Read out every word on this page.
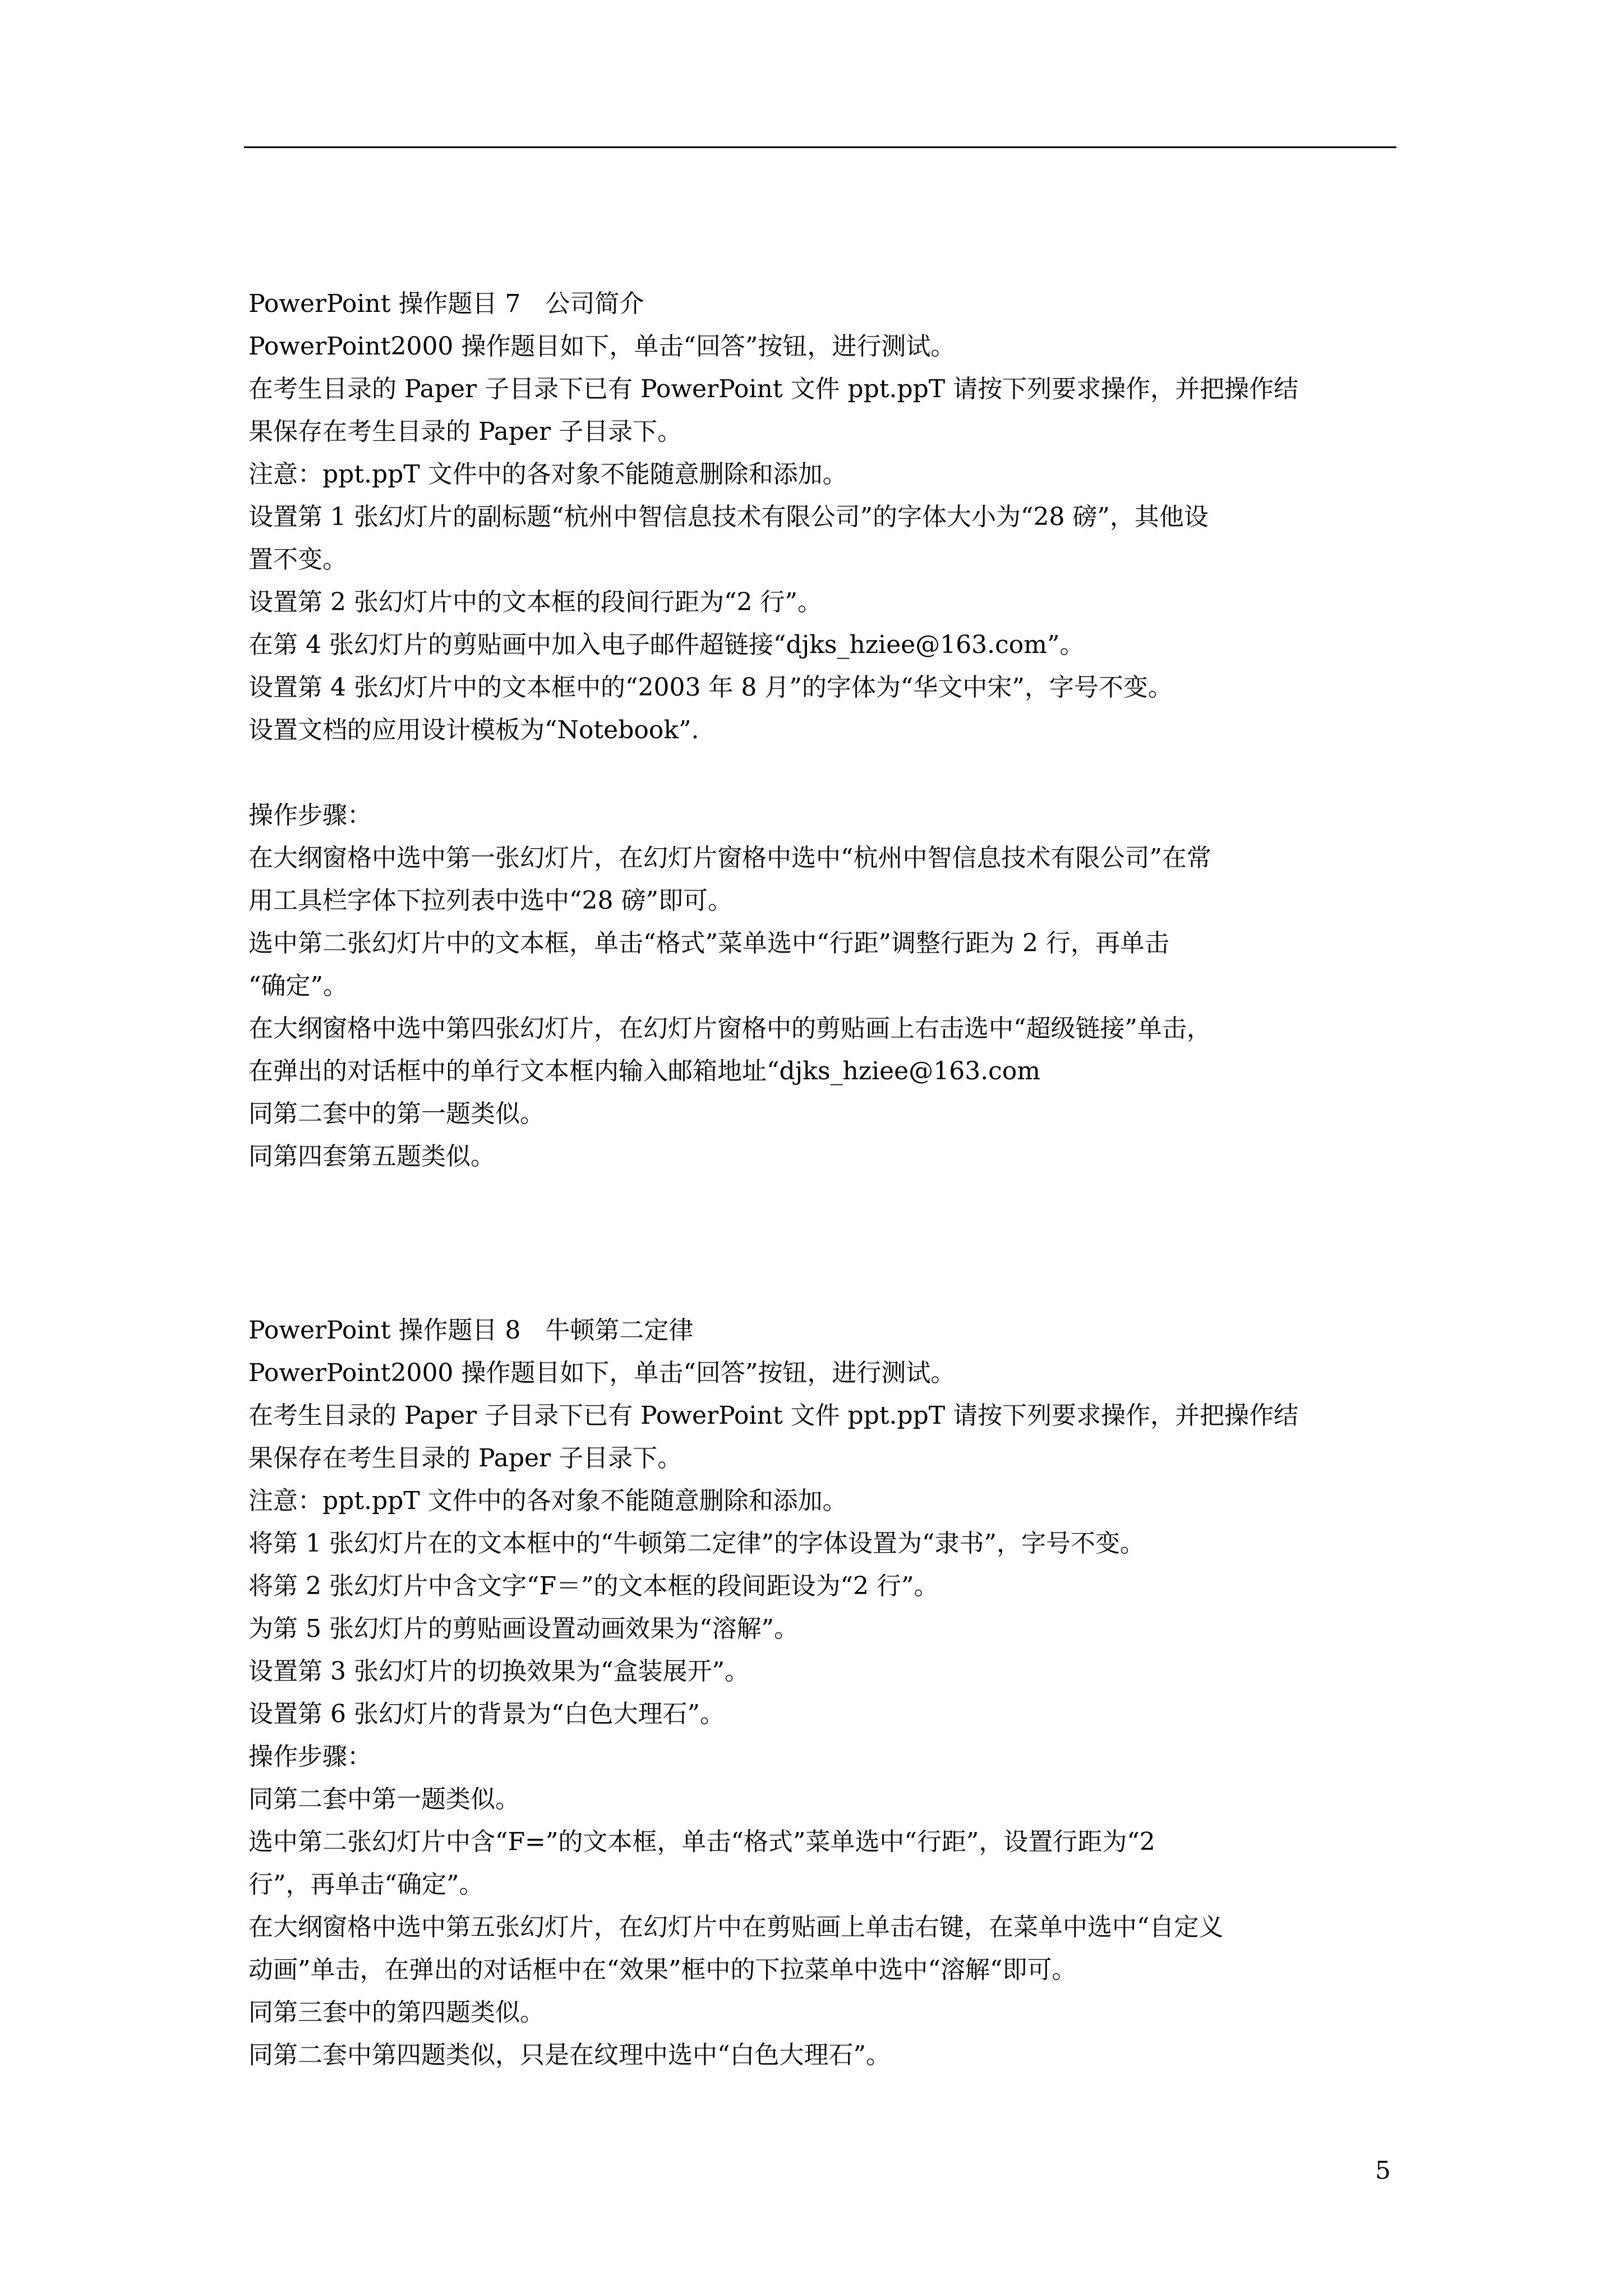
PowerPoint 操作题目 7　公司简介

PowerPoint2000 操作题目如下，单击“回答”按钮，进行测试。

在考生目录的 Paper 子目录下已有 PowerPoint 文件 ppt.ppT 请按下列要求操作，并把操作结

果保存在考生目录的 Paper 子目录下。

注意：ppt.ppT 文件中的各对象不能随意删除和添加。

设置第 1 张幻灯片的副标题“杭州中智信息技术有限公司”的字体大小为“28 磅”，其他设

置不变。

设置第 2 张幻灯片中的文本框的段间行距为“2 行”。

在第 4 张幻灯片的剪贴画中加入电子邮件超链接“djks_hziee@163.com”。

设置第 4 张幻灯片中的文本框中的“2003 年 8 月”的字体为“华文中宋”，字号不变。

设置文档的应用设计模板为“Notebook”.

操作步骤：

在大纲窗格中选中第一张幻灯片，在幻灯片窗格中选中“杭州中智信息技术有限公司”在常

用工具栏字体下拉列表中选中“28 磅”即可。

选中第二张幻灯片中的文本框，单击“格式”菜单选中“行距”调整行距为 2 行，再单击

“确定”。

在大纲窗格中选中第四张幻灯片，在幻灯片窗格中的剪贴画上右击选中“超级链接”单击，

在弹出的对话框中的单行文本框内输入邮箱地址“djks_hziee@163.com

同第二套中的第一题类似。

同第四套第五题类似。

PowerPoint 操作题目 8　牛顿第二定律

PowerPoint2000 操作题目如下，单击“回答”按钮，进行测试。

在考生目录的 Paper 子目录下已有 PowerPoint 文件 ppt.ppT 请按下列要求操作，并把操作结

果保存在考生目录的 Paper 子目录下。

注意：ppt.ppT 文件中的各对象不能随意删除和添加。

将第 1 张幻灯片在的文本框中的“牛顿第二定律”的字体设置为“隶书”，字号不变。

将第 2 张幻灯片中含文字“F＝”的文本框的段间距设为“2 行”。

为第 5 张幻灯片的剪贴画设置动画效果为“溶解”。

设置第 3 张幻灯片的切换效果为“盒装展开”。

设置第 6 张幻灯片的背景为“白色大理石”。

操作步骤：

同第二套中第一题类似。

选中第二张幻灯片中含“F=”的文本框，单击“格式”菜单选中“行距”，设置行距为“2

行”，再单击“确定”。

在大纲窗格中选中第五张幻灯片，在幻灯片中在剪贴画上单击右键，在菜单中选中“自定义

动画”单击，在弹出的对话框中在“效果”框中的下拉菜单中选中“溶解“即可。

同第三套中的第四题类似。

同第二套中第四题类似，只是在纹理中选中“白色大理石”。

5
